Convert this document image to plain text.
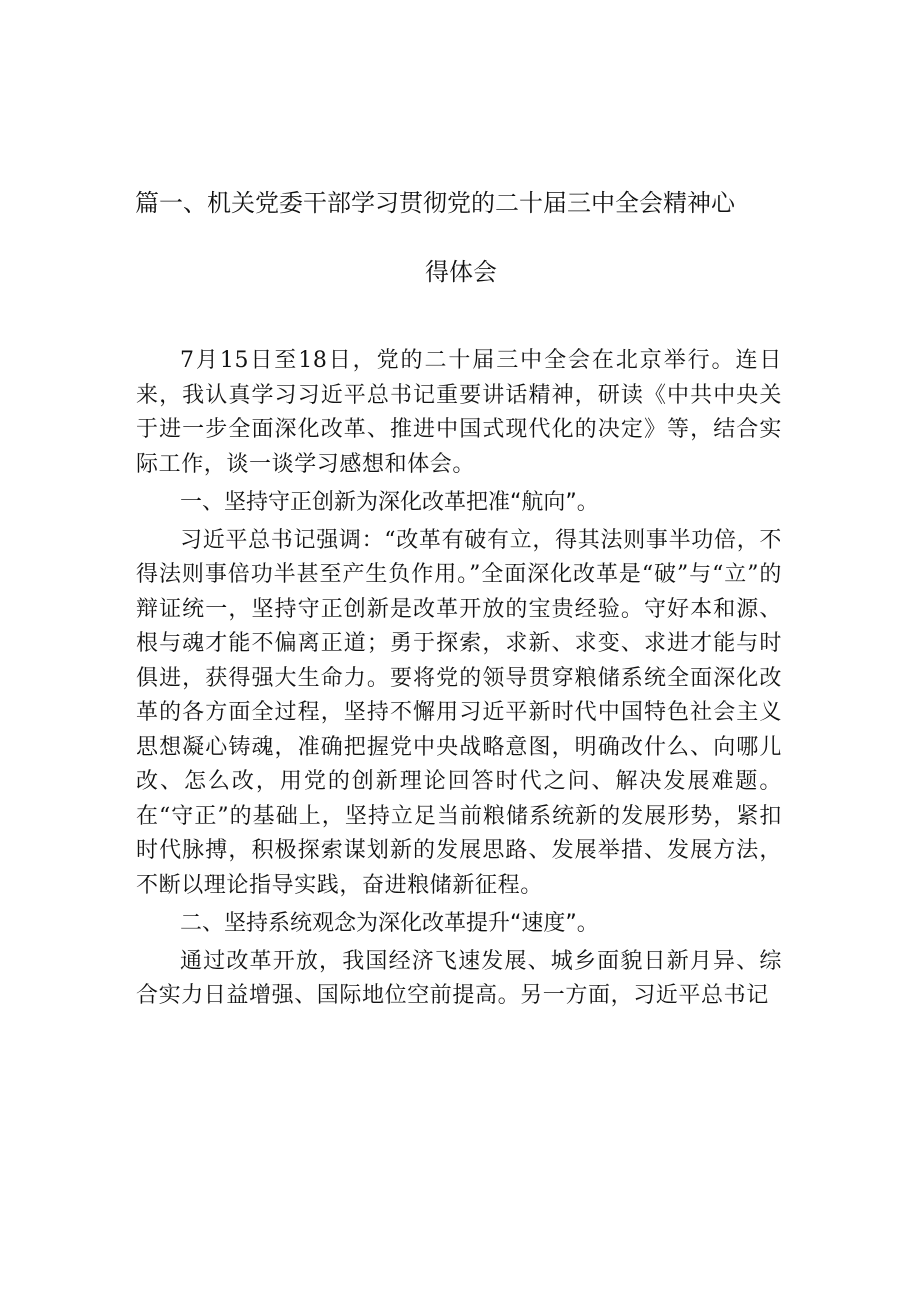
篇一、机关党委干部学习贯彻党的二十届三中全会精神心
得体会

7月15日至18日，党的二十届三中全会在北京举行。连日来，我认真学习习近平总书记重要讲话精神，研读《中共中央关于进一步全面深化改革、推进中国式现代化的决定》等，结合实际工作，谈一谈学习感想和体会。

一、坚持守正创新为深化改革把准“航向”。

习近平总书记强调：“改革有破有立，得其法则事半功倍，不得法则事倍功半甚至产生负作用。”全面深化改革是“破”与“立”的辩证统一，坚持守正创新是改革开放的宝贵经验。守好本和源、根与魂才能不偏离正道；勇于探索，求新、求变、求进才能与时俱进，获得强大生命力。要将党的领导贯穿粮储系统全面深化改革的各方面全过程，坚持不懈用习近平新时代中国特色社会主义思想凝心铸魂，准确把握党中央战略意图，明确改什么、向哪儿改、怎么改，用党的创新理论回答时代之问、解决发展难题。在“守正”的基础上，坚持立足当前粮储系统新的发展形势，紧扣时代脉搏，积极探索谋划新的发展思路、发展举措、发展方法，不断以理论指导实践，奋进粮储新征程。

二、坚持系统观念为深化改革提升“速度”。

通过改革开放，我国经济飞速发展、城乡面貌日新月异、综合实力日益增强、国际地位空前提高。另一方面，习近平总书记
